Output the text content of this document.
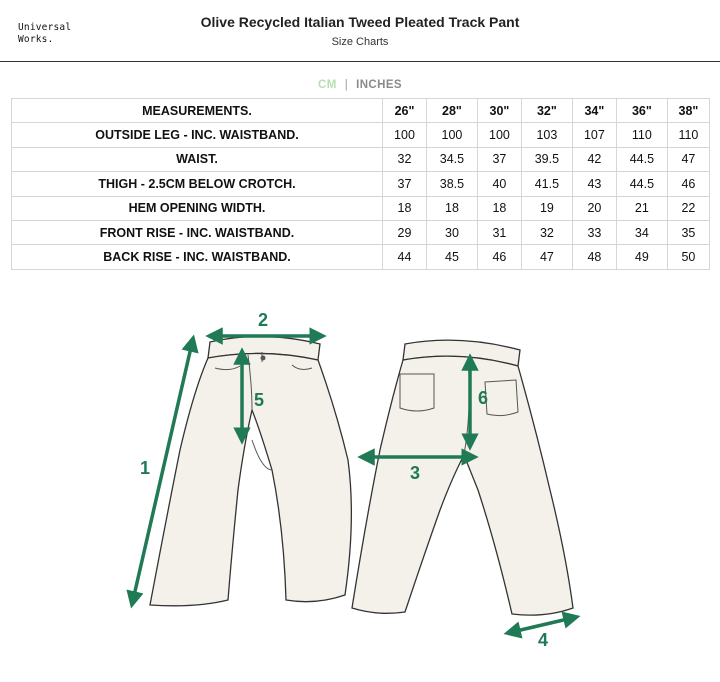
Universal
Works.
Olive Recycled Italian Tweed Pleated Track Pant
Size Charts
CM | INCHES
MEASUREMENTS.	26"	28"	30"	32"	34"	36"	38"
OUTSIDE LEG - INC. WAISTBAND.	100	100	100	103	107	110	110
WAIST.	32	34.5	37	39.5	42	44.5	47
THIGH - 2.5CM BELOW CROTCH.	37	38.5	40	41.5	43	44.5	46
HEM OPENING WIDTH.	18	18	18	19	20	21	22
FRONT RISE - INC. WAISTBAND.	29	30	31	32	33	34	35
BACK RISE - INC. WAISTBAND.	44	45	46	47	48	49	50
1
2
3
4
5	6
